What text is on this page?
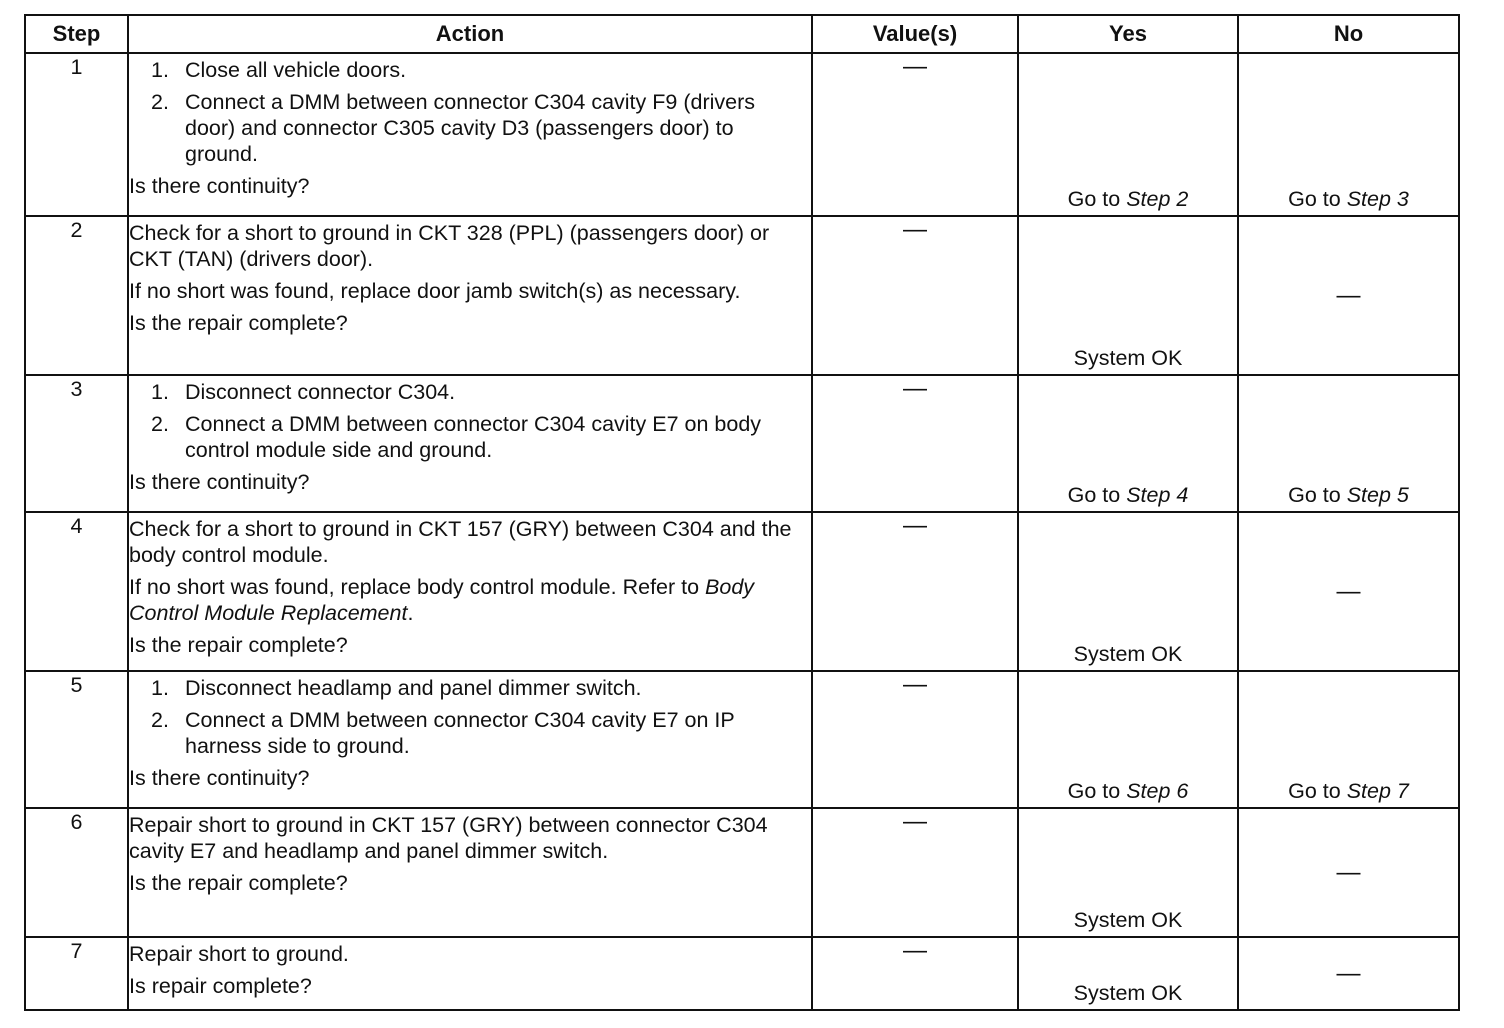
Step	Action	Value(s)	Yes	No
1	1. Close all vehicle doors.
2. Connect a DMM between connector C304 cavity F9 (drivers door) and connector C305 cavity D3 (passengers door) to ground.
Is there continuity?	—	Go to Step 2	Go to Step 3

2	Check for a short to ground in CKT 328 (PPL) (passengers door) or CKT (TAN) (drivers door).
If no short was found, replace door jamb switch(s) as necessary.
Is the repair complete?	—	System OK	—

3	1. Disconnect connector C304.
2. Connect a DMM between connector C304 cavity E7 on body control module side and ground.
Is there continuity?	—	Go to Step 4	Go to Step 5

4	Check for a short to ground in CKT 157 (GRY) between C304 and the body control module.
If no short was found, replace body control module. Refer to Body Control Module Replacement.
Is the repair complete?	—	System OK	—

5	1. Disconnect headlamp and panel dimmer switch.
2. Connect a DMM between connector C304 cavity E7 on IP harness side to ground.
Is there continuity?	—	Go to Step 6	Go to Step 7

6	Repair short to ground in CKT 157 (GRY) between connector C304 cavity E7 and headlamp and panel dimmer switch.
Is the repair complete?	—	System OK	—

7	Repair short to ground.
Is repair complete?	—	System OK	—
